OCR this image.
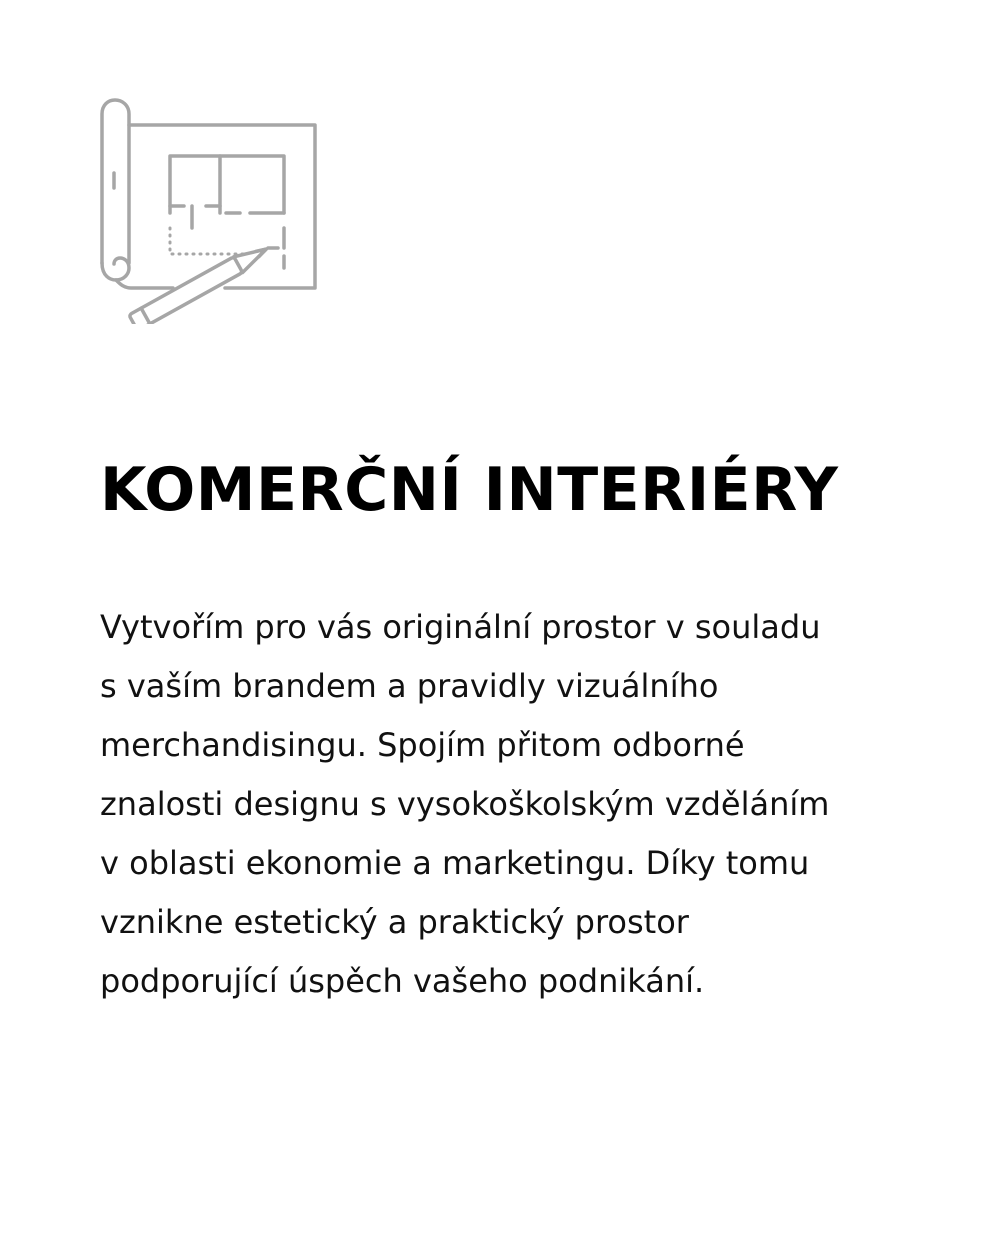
KOMERČNÍ INTERIÉRY

Vytvořím pro vás originální prostor v souladu
s vaším brandem a pravidly vizuálního
merchandisingu. Spojím přitom odborné
znalosti designu s vysokoškolským vzděláním
v oblasti ekonomie a marketingu. Díky tomu
vznikne estetický a praktický prostor
podporující úspěch vašeho podnikání.
